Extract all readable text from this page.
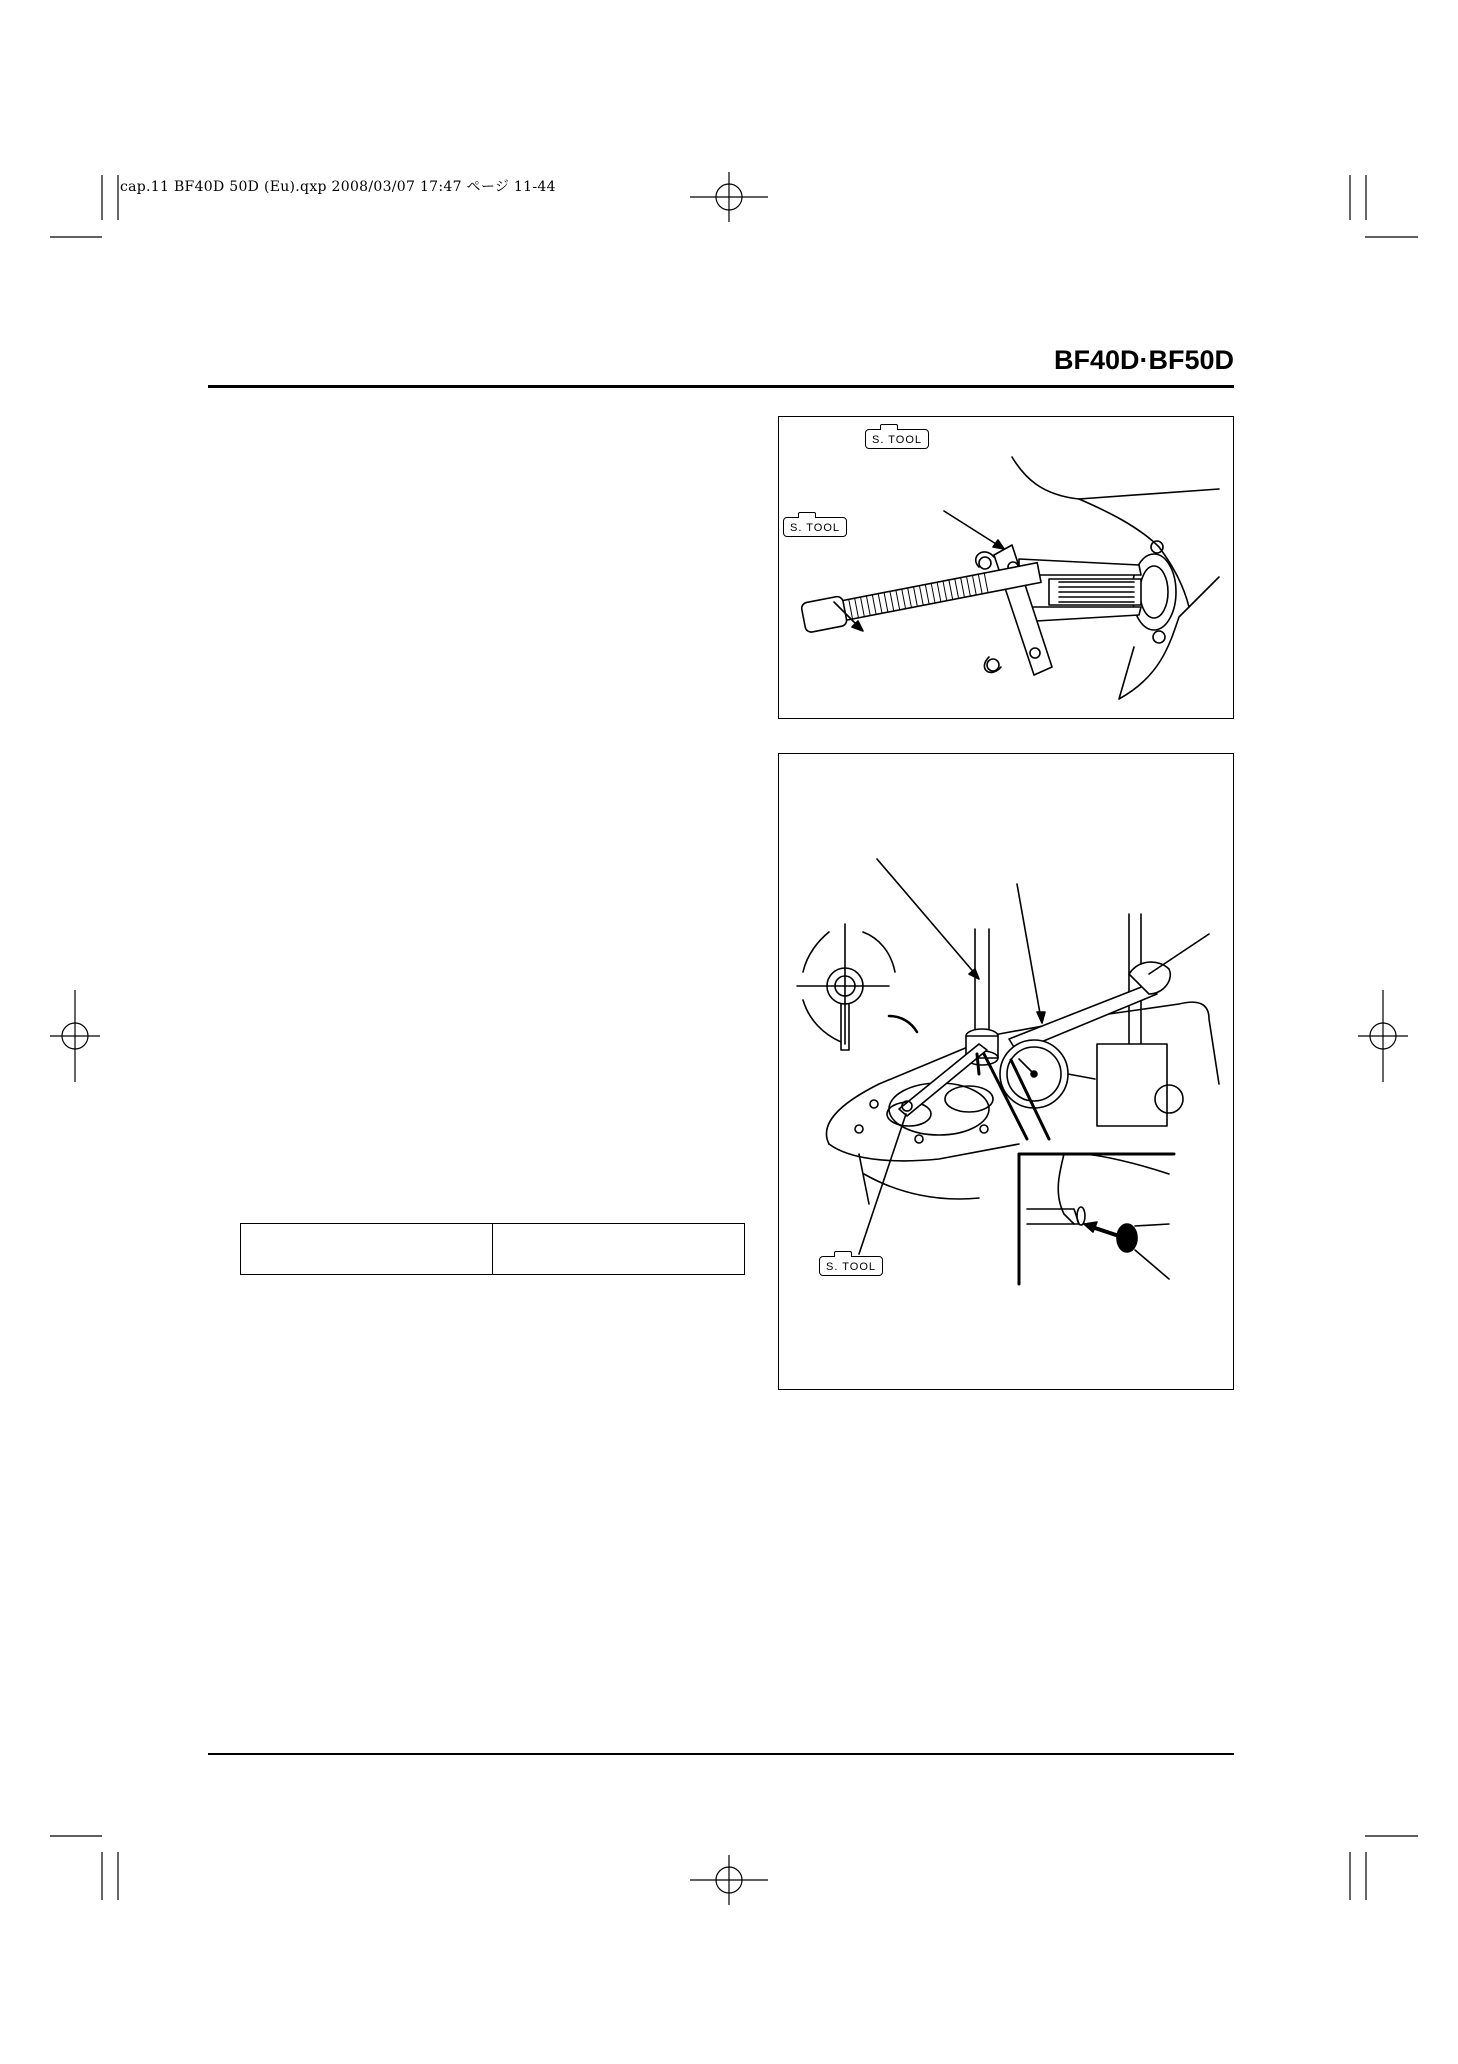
cap.11 BF40D 50D (Eu).qxp 2008/03/07 17:47 ページ 11-44
BF40D·BF50D
S. TOOL
S. TOOL
S. TOOL
